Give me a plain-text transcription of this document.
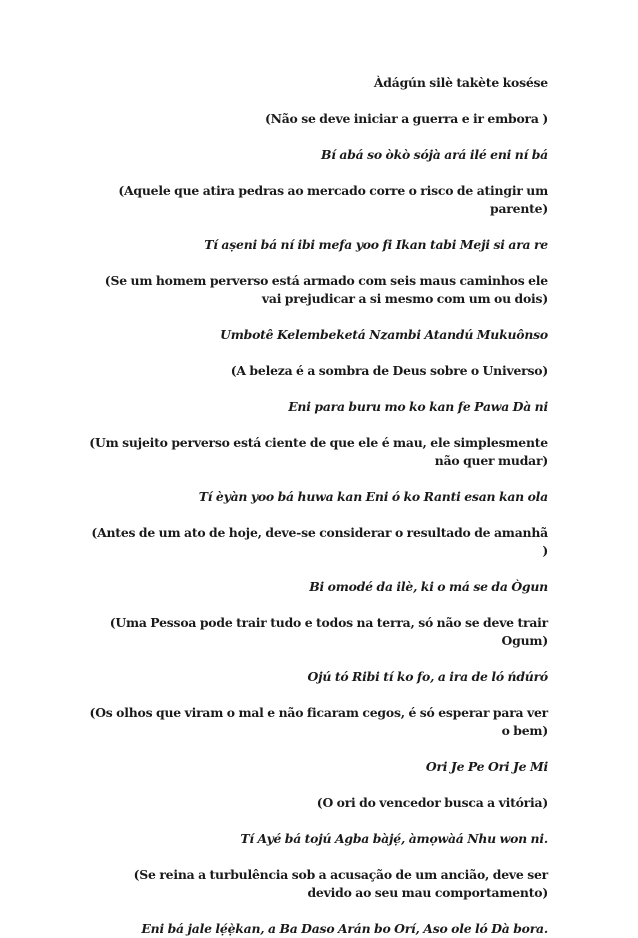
Àdágún silè takète kosése
(Não se deve iniciar a guerra e ir embora )
Bí abá so òkò sójà ará ilé eni ní bá
(Aquele que atira pedras ao mercado corre o risco de atingir um parente)
Tí aṣeni bá ní ibi mefa yoo fi Ikan tabi Meji si ara re
(Se um homem perverso está armado com seis maus caminhos ele vai prejudicar a si mesmo com um ou dois)
Umbotê Kelembeketá Nzambi Atandú Mukuônso
(A beleza é a sombra de Deus sobre o Universo)
Eni para buru mo ko kan fe Pawa Dà ni
(Um sujeito perverso está ciente de que ele é mau, ele simplesmente não quer mudar)
Tí èyàn yoo bá huwa kan Eni ó ko Ranti esan kan ola
(Antes de um ato de hoje, deve-se considerar o resultado de amanhã )
Bi omodé da ilè, ki o má se da Ògun
(Uma Pessoa pode trair tudo e todos na terra, só não se deve trair Ogum)
Ojú tó Ribi tí ko fo, a ira de ló ńdúró
(Os olhos que viram o mal e não ficaram cegos, é só esperar para ver o bem)
Ori Je Pe Ori Je Mi
(O ori do vencedor busca a vitória)
Tí Ayé bá tojú Agba bàjẹ́, àmọwàá Nhu won ni.
(Se reina a turbulência sob a acusação de um ancião, deve ser devido ao seu mau comportamento)
Eni bá jale lẹ́ẹ̀kan, a Ba Daso Arán bo Orí, Aso ole ló Dà bora.
